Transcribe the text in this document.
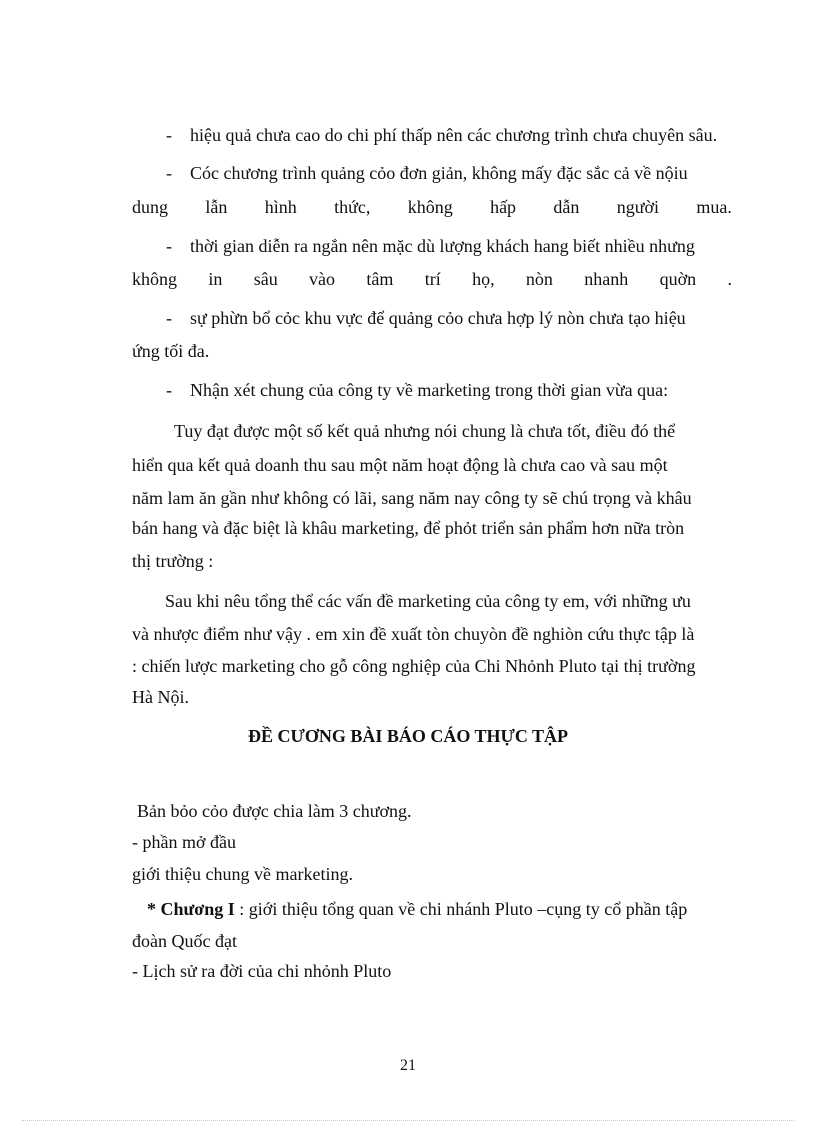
- hiệu quả chưa cao do chi phí thấp nên các chương trình chưa chuyên sâu.
- Cóc chương trình quảng cỏo đơn giản, không mấy đặc sắc cả về nộiu
dung lẫn hình thức, không hấp dẫn người mua.
- thời gian diễn ra ngắn nên mặc dù lượng khách hang biết nhiều nhưng
không in sâu vào tâm trí họ, nòn nhanh quờn .
- sự phừn bổ cỏc khu vực để quảng cỏo chưa hợp lý nòn chưa tạo hiệu
ứng tối đa.
- Nhận xét chung của công ty về marketing trong thời gian vừa qua:
Tuy đạt được một số kết quả nhưng nói chung là chưa tốt, điều đó thể
hiển qua kết quả doanh thu sau một năm hoạt động là chưa cao và sau một
năm lam ăn gần như không có lãi, sang năm nay công ty sẽ chú trọng và khâu
bán hang và đặc biệt là khâu marketing, để phỏt triển sản phẩm hơn nữa tròn
thị trường :
Sau khi nêu tổng thể các vấn đề marketing của công ty em, với những ưu
và nhược điểm như vậy . em xin đề xuất tòn chuyòn đề nghiòn cứu thực tập là
: chiến lược marketing cho gỗ công nghiệp của Chi Nhỏnh Pluto tại thị trường
Hà Nội.
ĐỀ CƯƠNG BÀI BÁO CÁO THỰC TẬP
Bản bỏo cỏo được chia làm 3 chương.
- phần mở đầu
giới thiệu chung về marketing.
* Chương I : giới thiệu tổng quan về chi nhánh Pluto –cụng ty cổ phần tập
đoàn Quốc đạt
- Lịch sử ra đời của chi nhỏnh Pluto
21
